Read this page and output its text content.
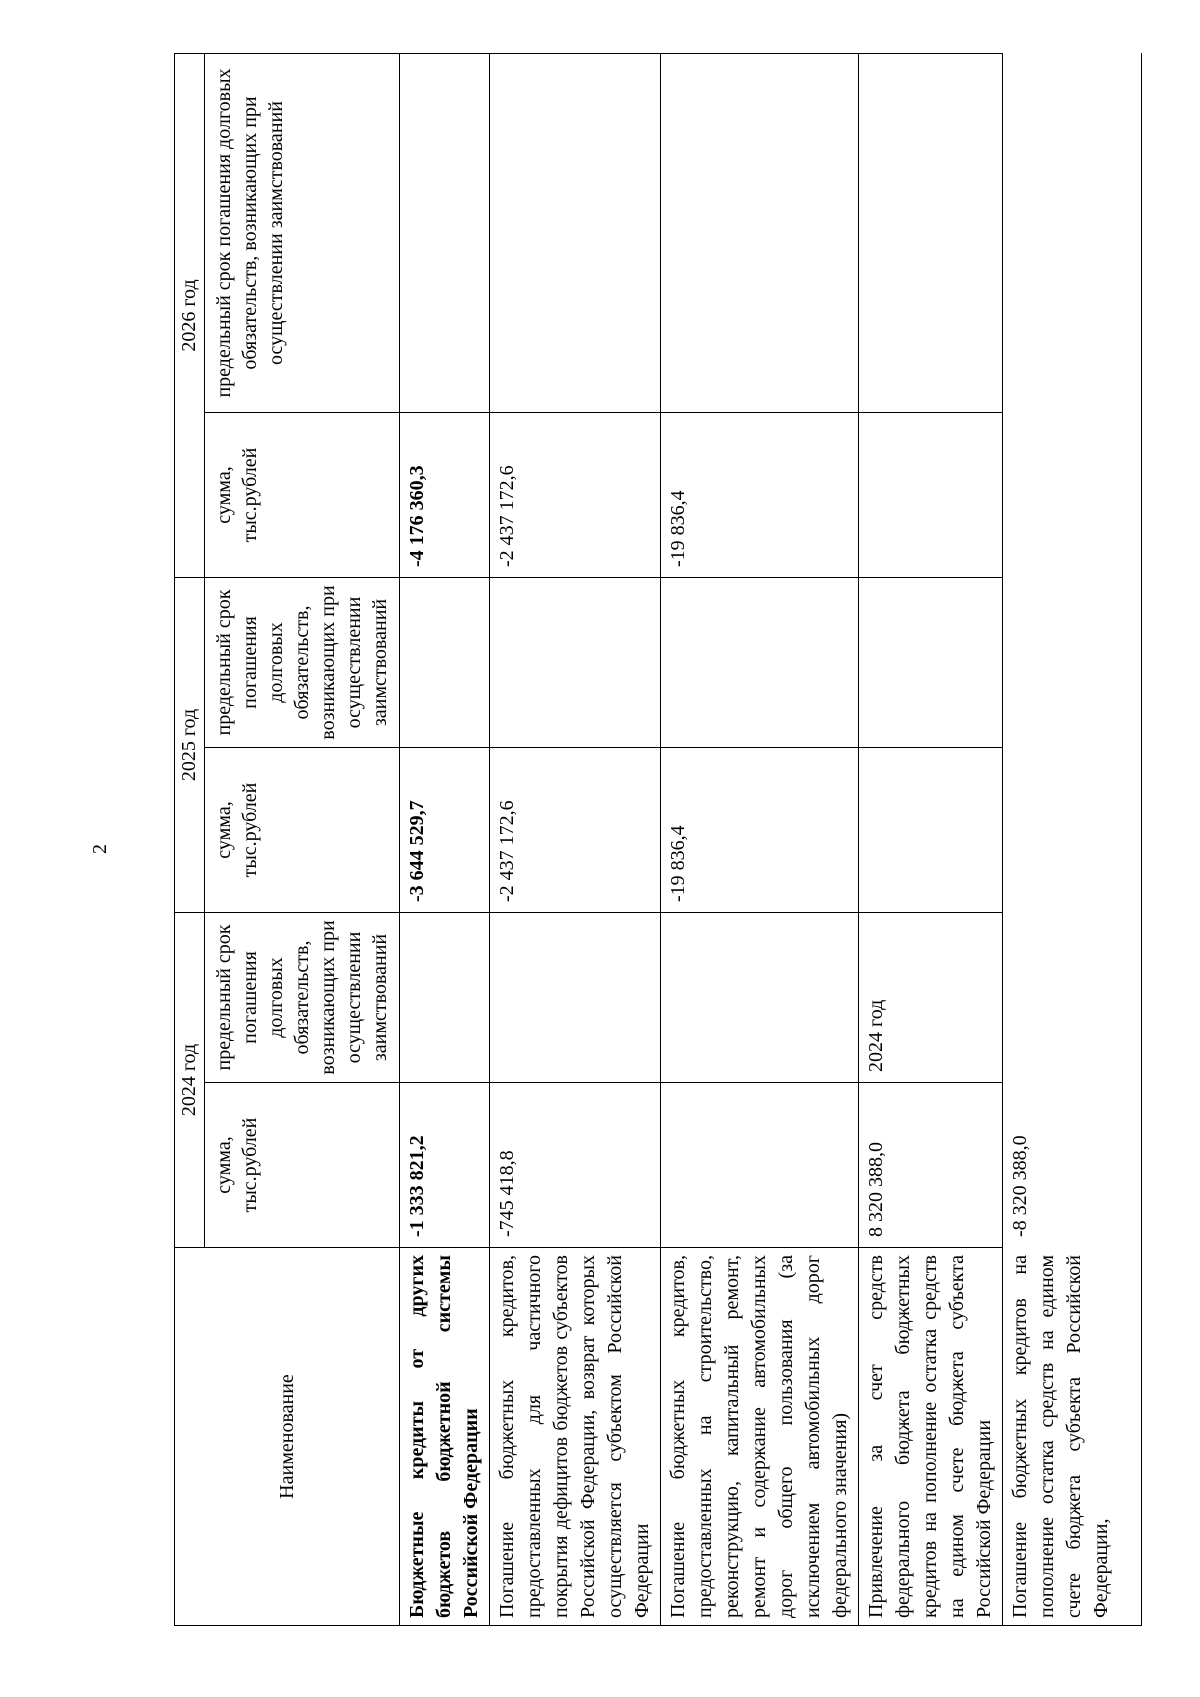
2
Наименование	2024 год		2025 год		2026 год	
	сумма, тыс.рублей	предельный срок погашения долговых обязательств, возникающих при осуществлении заимствований	сумма, тыс.рублей	предельный срок погашения долговых обязательств, возникающих при осуществлении заимствований	сумма, тыс.рублей	предельный срок погашения долговых обязательств, возникающих при осуществлении заимствований
Бюджетные кредиты от других бюджетов бюджетной системы Российской Федерации	-1 333 821,2		-3 644 529,7		-4 176 360,3	
Погашение бюджетных кредитов, предоставленных для частичного покрытия дефицитов бюджетов субъектов Российской Федерации, возврат которых осуществляется субъектом Российской Федерации	-745 418,8		-2 437 172,6		-2 437 172,6	
Погашение бюджетных кредитов, предоставленных на строительство, реконструкцию, капитальный ремонт, ремонт и содержание автомобильных дорог общего пользования (за исключением автомобильных дорог федерального значения)			-19 836,4		-19 836,4	
Привлечение за счет средств федерального бюджета бюджетных кредитов на пополнение остатка средств на едином счете бюджета субъекта Российской Федерации	8 320 388,0	2024 год				
Погашение бюджетных кредитов на пополнение остатка средств на едином счете бюджета субъекта Российской Федерации,	-8 320 388,0					
